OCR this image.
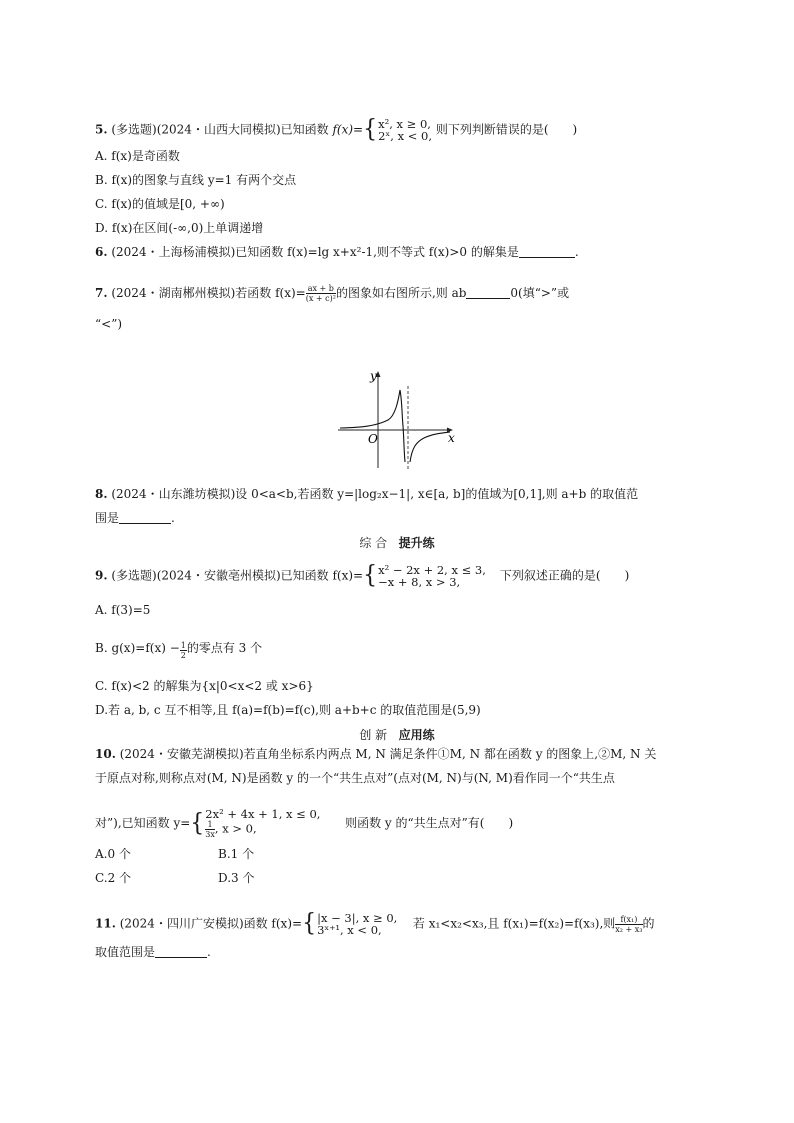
5. (多选题)(2024・山西大同模拟)已知函数 f(x)={ x², x ≥ 0,
2ˣ, x < 0, 则下列判断错误的是(　　)
A. f(x)是奇函数
B. f(x)的图象与直线 y=1 有两个交点
C. f(x)的值域是[0, +∞)
D. f(x)在区间(-∞,0)上单调递增
6. (2024・上海杨浦模拟)已知函数 f(x)=lg x+x²-1,则不等式 f(x)>0 的解集是	.
7. (2024・湖南郴州模拟)若函数 $f(x)= \frac{ax + b}{\text{(x + c)²}}$ 的图象如右图所示,则 ab	0(填“>”或
“<”)
y
x
O
8. (2024・山东潍坊模拟)设 0<a<b,若函数 y=|log₂x−1|, x∈[a, b]的值域为[0,1],则 a+b 的取值范
围是	.
综 合 提升练
9. (多选题)(2024・安徽亳州模拟)已知函数 f(x)={ x² − 2x + 2, x ≤ 3,
−x + 8, x > 3,	下列叙述正确的是(　　)
A. f(3)=5
B. $g(x)=f(x) - \frac{1}{2}$ 的零点有 3 个
C. f(x)<2 的解集为{x|0<x<2 或 x>6}
D.若 a, b, c 互不相等,且 f(a)=f(b)=f(c),则 a+b+c 的取值范围是(5,9)
创 新 应用练
10. (2024・安徽芜湖模拟)若直角坐标系内两点 M, N 满足条件①M, N 都在函数 y 的图象上,②M, N 关
于原点对称,则称点对(M, N)是函数 y 的一个“共生点对”(点对(M, N)与(N, M)看作同一个“共生点
对”),已知函数 y={ 2x² + 4x + 1, x ≤ 0,
$\frac{1}{3x}$ , x > 0,	则函数 y 的“共生点对”有(　　)
A.0 个	B.1 个
C.2 个	D.3 个
11. (2024・四川广安模拟)函数 f(x)={ |x − 3|, x ≥ 0,
3ˣ⁺¹, x < 0,	若 x₁<x₂<x₃,且 f(x₁)=f(x₂)=f(x₃),则 $\frac{\text{f(x₁)}}{\text{x₂ + x₃}}$ 的
取值范围是	.
